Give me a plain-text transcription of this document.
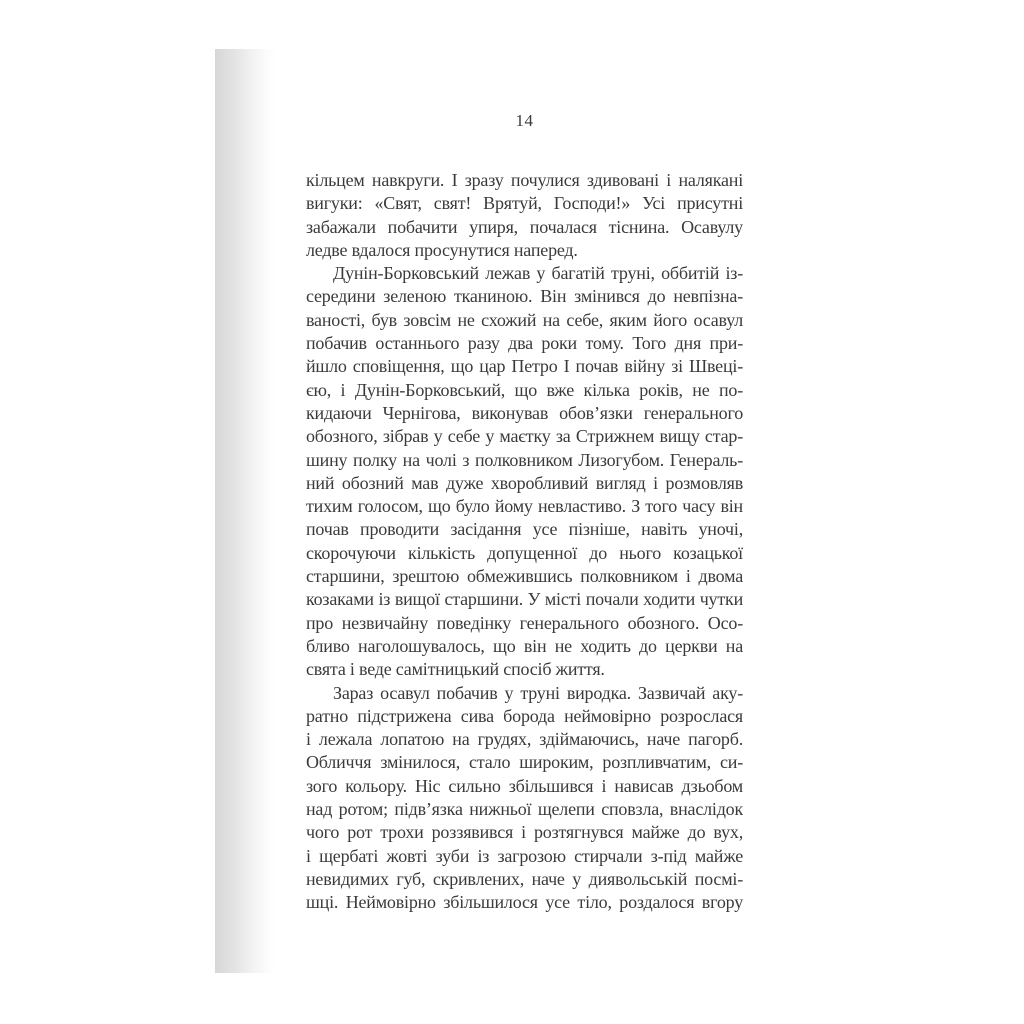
14
кільцем навкруги. І зразу почулися здивовані і налякані
вигуки: «Свят, свят! Врятуй, Господи!» Усі присутні
забажали побачити упиря, почалася тіснина. Осавулу
ледве вдалося просунутися наперед.
Дунін-Борковський лежав у багатій труні, оббитій із-
середини зеленою тканиною. Він змінився до невпізна-
ваності, був зовсім не схожий на себе, яким його осавул
побачив останнього разу два роки тому. Того дня при-
йшло сповіщення, що цар Петро І почав війну зі Швеці-
єю, і Дунін-Борковський, що вже кілька років, не по-
кидаючи Чернігова, виконував обов’язки генерального
обозного, зібрав у себе у маєтку за Стрижнем вищу стар-
шину полку на чолі з полковником Лизогубом. Генераль-
ний обозний мав дуже хворобливий вигляд і розмовляв
тихим голосом, що було йому невластиво. З того часу він
почав проводити засідання усе пізніше, навіть уночі,
скорочуючи кількість допущенної до нього козацької
старшини, зрештою обмежившись полковником і двома
козаками із вищої старшини. У місті почали ходити чутки
про незвичайну поведінку генерального обозного. Осо-
бливо наголошувалось, що він не ходить до церкви на
свята і веде самітницький спосіб життя.
Зараз осавул побачив у труні виродка. Зазвичай аку-
ратно підстрижена сива борода неймовірно розрослася
і лежала лопатою на грудях, здіймаючись, наче пагорб.
Обличчя змінилося, стало широким, розпливчатим, си-
зого кольору. Ніс сильно збільшився і нависав дзьобом
над ротом; підв’язка нижньої щелепи сповзла, внаслідок
чого рот трохи роззявився і розтягнувся майже до вух,
і щербаті жовті зуби із загрозою стирчали з-під майже
невидимих губ, скривлених, наче у диявольській посмі-
шці. Неймовірно збільшилося усе тіло, роздалося вгору
